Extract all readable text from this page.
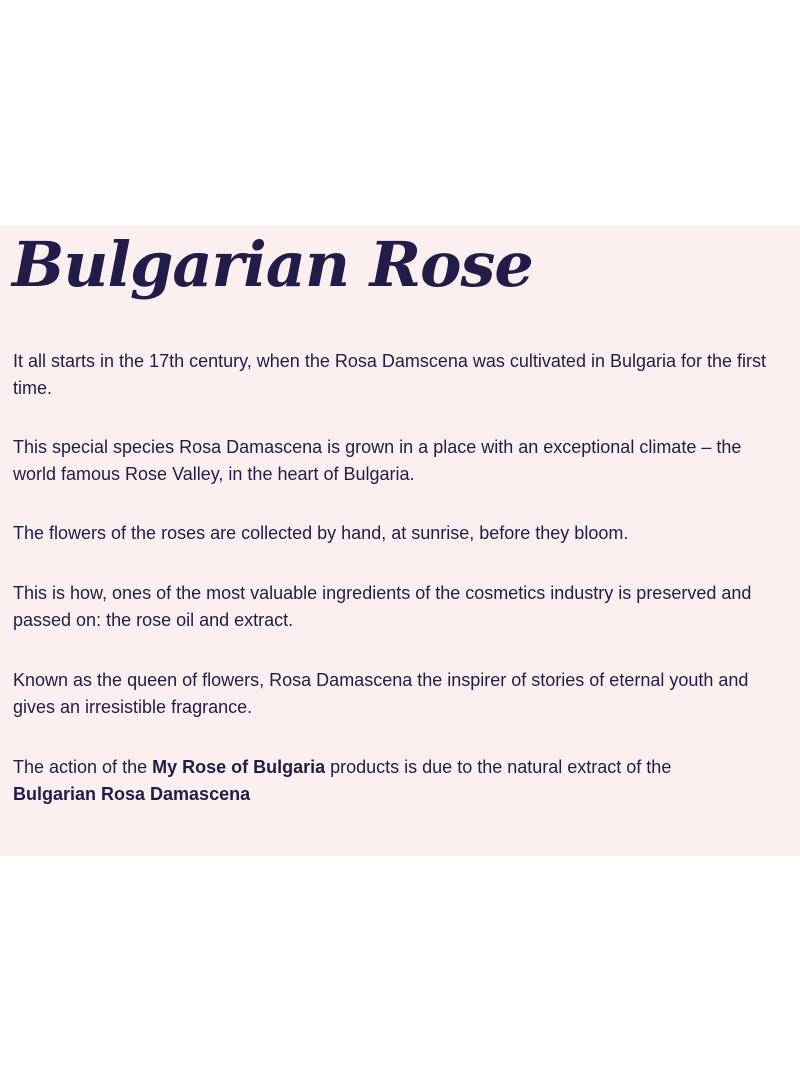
Bulgarian Rose

It all starts in the 17th century, when the Rosa Damscena was cultivated in Bulgaria for the first time.

This special species Rosa Damascena is grown in a place with an exceptional climate – the world famous Rose Valley, in the heart of Bulgaria.

The flowers of the roses are collected by hand, at sunrise, before they bloom.

This is how, ones of the most valuable ingredients of the cosmetics industry is preserved and passed on: the rose oil and extract.

Known as the queen of flowers, Rosa Damascena the inspirer of stories of eternal youth and gives an irresistible fragrance.

The action of the My Rose of Bulgaria products is due to the natural extract of the
Bulgarian Rosa Damascena
